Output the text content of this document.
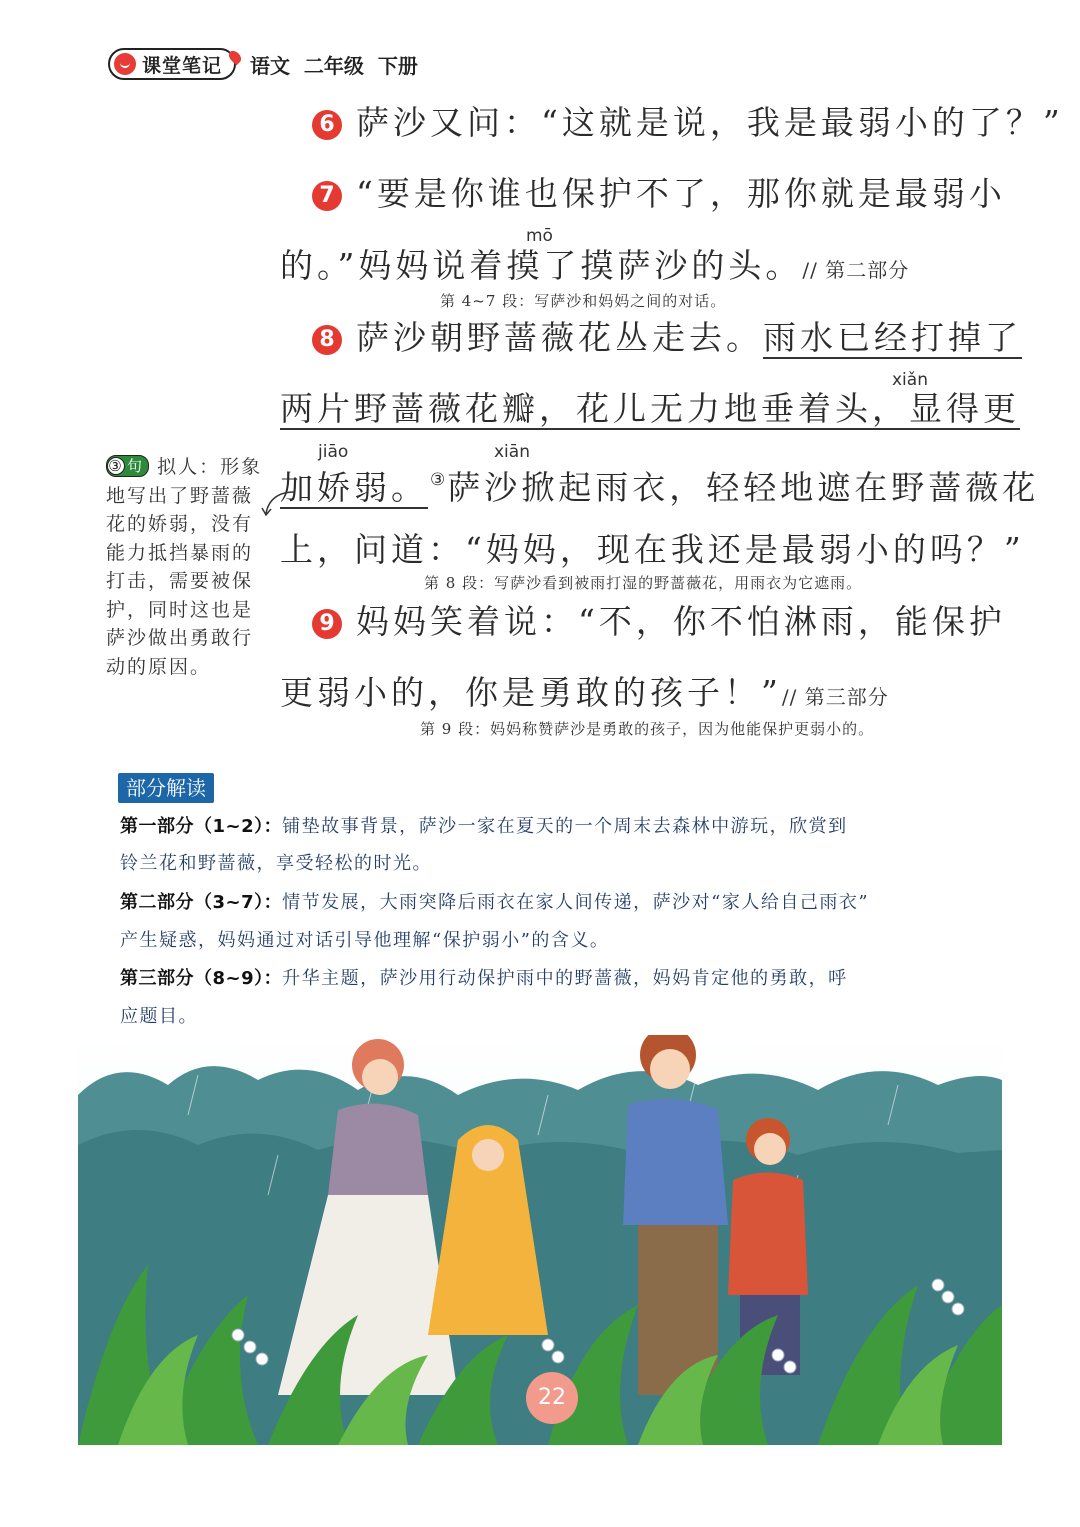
课堂笔记 语文  二年级  下册
6 萨沙又问：“这就是说，我是最弱小的了？”
7 “要是你谁也保护不了，那你就是最弱小
mō
的。”妈妈说着摸了摸萨沙的头。// 第二部分
第 4~7 段：写萨沙和妈妈之间的对话。
8 萨沙朝野蔷薇花丛走去。雨水已经打掉了
xiǎn
两片野蔷薇花瓣，花儿无力地垂着头，显得更
jiāo	xiān
加娇弱。 ③萨沙掀起雨衣，轻轻地遮在野蔷薇花
上，问道：“妈妈，现在我还是最弱小的吗？”
第 8 段：写萨沙看到被雨打湿的野蔷薇花，用雨衣为它遮雨。
9 妈妈笑着说：“不，你不怕淋雨，能保护
更弱小的，你是勇敢的孩子！”// 第三部分
第 9 段：妈妈称赞萨沙是勇敢的孩子，因为他能保护更弱小的。
③ 句 拟人：形象地写出了野蔷薇花的娇弱，没有能力抵挡暴雨的打击，需要被保护，同时这也是萨沙做出勇敢行动的原因。
部分解读
第一部分（1~2）：铺垫故事背景，萨沙一家在夏天的一个周末去森林中游玩，欣赏到
铃兰花和野蔷薇，享受轻松的时光。
第二部分（3~7）：情节发展，大雨突降后雨衣在家人间传递，萨沙对“家人给自己雨衣”
产生疑惑，妈妈通过对话引导他理解“保护弱小”的含义。
第三部分（8~9）：升华主题，萨沙用行动保护雨中的野蔷薇，妈妈肯定他的勇敢，呼
应题目。
22
